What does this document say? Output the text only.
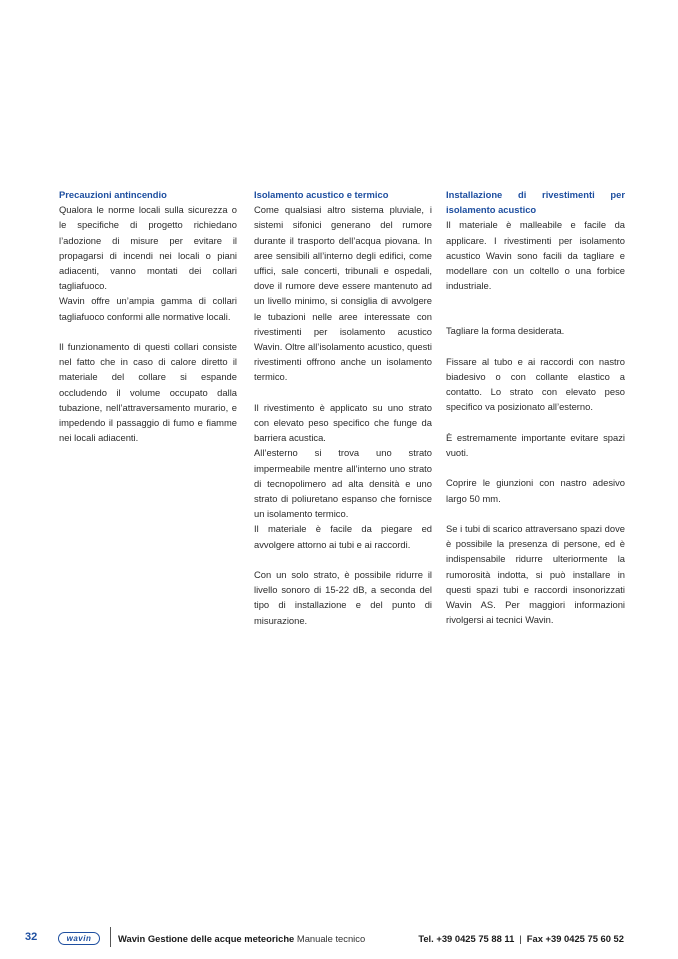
Precauzioni antincendio

Qualora le norme locali sulla sicurezza o le specifiche di progetto richiedano l’adozione di misure per evitare il propagarsi di incendi nei locali o piani adiacenti, vanno montati dei collari tagliafuoco.

Wavin offre un’ampia gamma di collari tagliafuoco conformi alle normative locali.

Il funzionamento di questi collari consiste nel fatto che in caso di calore diretto il materiale del collare si espande occludendo il volume occupato dalla tubazione, nell’attraversamento murario, e impedendo il passaggio di fumo e fiamme nei locali adiacenti.

Isolamento acustico e termico

Come qualsiasi altro sistema pluviale, i sistemi sifonici generano del rumore durante il trasporto dell’acqua piovana. In aree sensibili all’interno degli edifici, come uffici, sale concerti, tribunali e ospedali, dove il rumore deve essere mantenuto ad un livello minimo, si consiglia di avvolgere le tubazioni nelle aree interessate con rivestimenti per isolamento acustico Wavin. Oltre all’isolamento acustico, questi rivestimenti offrono anche un isolamento termico.

Il rivestimento è applicato su uno strato con elevato peso specifico che funge da barriera acustica.

All’esterno si trova uno strato impermeabile mentre all’interno uno strato di tecnopolimero ad alta densità e uno strato di poliuretano espanso che fornisce un isolamento termico.

Il materiale è facile da piegare ed avvolgere attorno ai tubi e ai raccordi.

Con un solo strato, è possibile ridurre il livello sonoro di 15-22 dB, a seconda del tipo di installazione e del punto di misurazione.

Installazione di rivestimenti per isolamento acustico

Il materiale è malleabile e facile da applicare. I rivestimenti per isolamento acustico Wavin sono facili da tagliare e modellare con un coltello o una forbice industriale.

Tagliare la forma desiderata.

Fissare al tubo e ai raccordi con nastro biadesivo o con collante elastico a contatto. Lo strato con elevato peso specifico va posizionato all’esterno.

È estremamente importante evitare spazi vuoti.

Coprire le giunzioni con nastro adesivo largo 50 mm.

Se i tubi di scarico attraversano spazi dove è possibile la presenza di persone, ed è indispensabile ridurre ulteriormente la rumorosità indotta, si può installare in questi spazi tubi e raccordi insonorizzati Wavin AS. Per maggiori informazioni rivolgersi ai tecnici Wavin.

32	wavin	Wavin Gestione delle acque meteoriche Manuale tecnico	Tel. +39 0425 75 88 11 | Fax +39 0425 75 60 52
